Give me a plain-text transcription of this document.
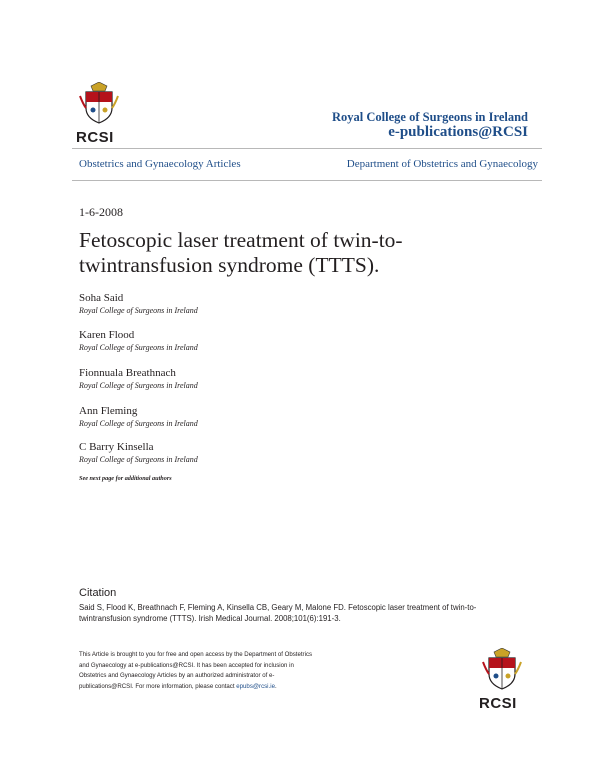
RCSI
Royal College of Surgeons in Ireland
e-publications@RCSI
Obstetrics and Gynaecology Articles	Department of Obstetrics and Gynaecology
1-6-2008
Fetoscopic laser treatment of twin-to-twintransfusion syndrome (TTTS).
Soha Said
Royal College of Surgeons in Ireland
Karen Flood
Royal College of Surgeons in Ireland
Fionnuala Breathnach
Royal College of Surgeons in Ireland
Ann Fleming
Royal College of Surgeons in Ireland
C Barry Kinsella
Royal College of Surgeons in Ireland
See next page for additional authors
Citation
Said S, Flood K, Breathnach F, Fleming A, Kinsella CB, Geary M, Malone FD. Fetoscopic laser treatment of twin-to-twintransfusion syndrome (TTTS). Irish Medical Journal. 2008;101(6):191-3.
This Article is brought to you for free and open access by the Department of Obstetrics and Gynaecology at e-publications@RCSI. It has been accepted for inclusion in Obstetrics and Gynaecology Articles by an authorized administrator of e-publications@RCSI. For more information, please contact epubs@rcsi.ie.
RCSI
